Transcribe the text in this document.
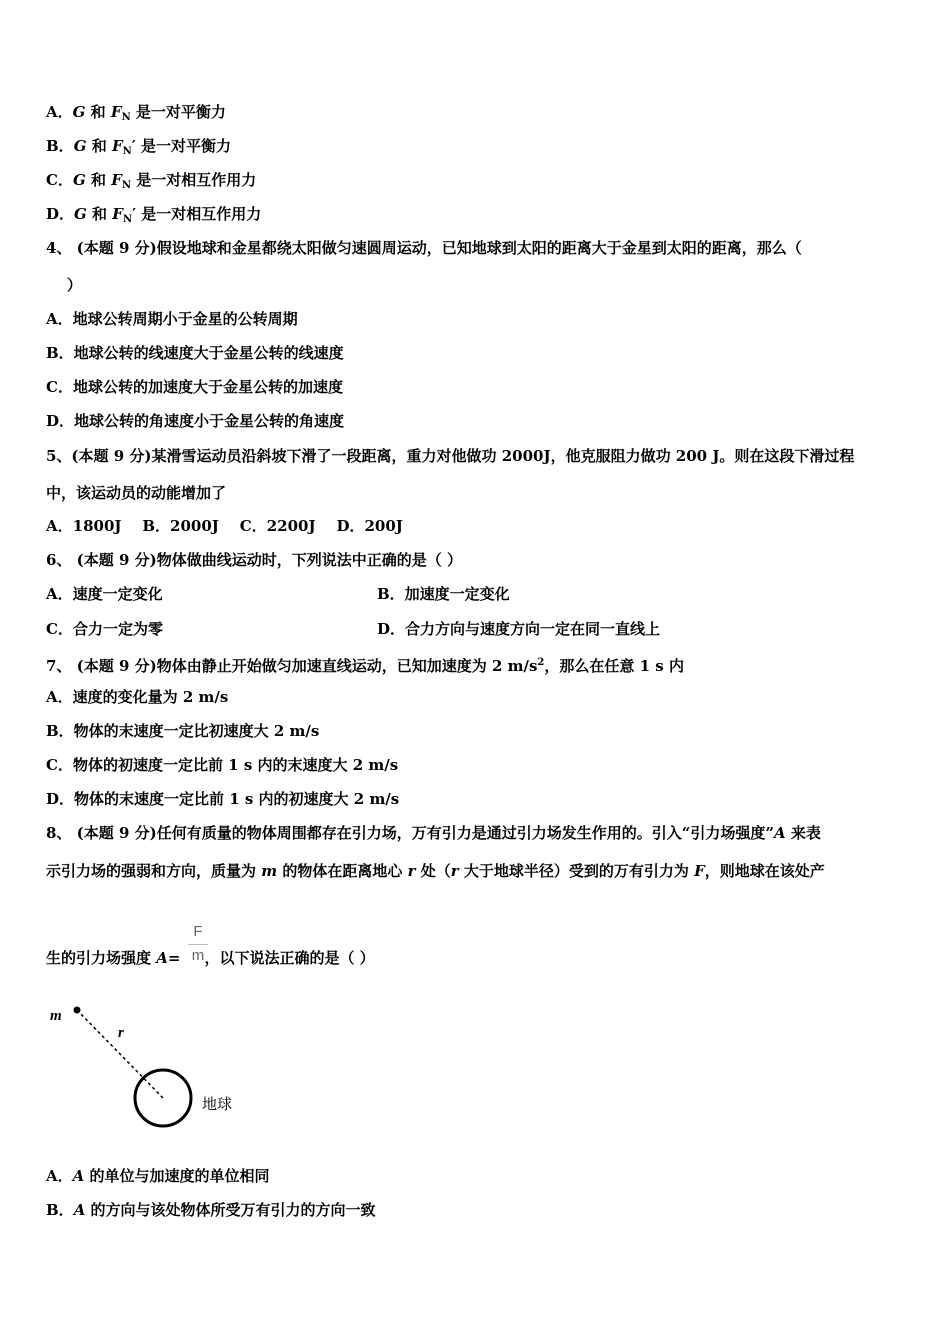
A．G 和 $F_N$ 是一对平衡力
B．G 和 $F_N'$ 是一对平衡力
C．G 和 $F_N$ 是一对相互作用力
D．G 和 $F_N'$ 是一对相互作用力
4、 (本题 9 分)假设地球和金星都绕太阳做匀速圆周运动，已知地球到太阳的距离大于金星到太阳的距离，那么（
）
A．地球公转周期小于金星的公转周期
B．地球公转的线速度大于金星公转的线速度
C．地球公转的加速度大于金星公转的加速度
D．地球公转的角速度小于金星公转的角速度
5、(本题 9 分)某滑雪运动员沿斜坡下滑了一段距离，重力对他做功 2000J，他克服阻力做功 200 J。则在这段下滑过程
中，该运动员的动能增加了
A．1800J    B．2000J    C．2200J    D．200J
6、 (本题 9 分)物体做曲线运动时，下列说法中正确的是（ ）
A．速度一定变化	B．加速度一定变化
C．合力一定为零	D．合力方向与速度方向一定在同一直线上
7、 (本题 9 分)物体由静止开始做匀加速直线运动，已知加速度为 2 $m/s^2$，那么在任意 1 s 内
A．速度的变化量为 2 m/s
B．物体的末速度一定比初速度大 2 m/s
C．物体的初速度一定比前 1 s 内的末速度大 2 m/s
D．物体的末速度一定比前 1 s 内的初速度大 2 m/s
8、 (本题 9 分)任何有质量的物体周围都存在引力场，万有引力是通过引力场发生作用的。引入“引力场强度”A 来表
示引力场的强弱和方向，质量为 m 的物体在距离地心 r 处（r 大于地球半径）受到的万有引力为 F，则地球在该处产
生的引力场强度 A= ，以下说法正确的是（ ）
$\frac{F}{m}$
m
r
地球
A．A 的单位与加速度的单位相同
B．A 的方向与该处物体所受万有引力的方向一致
